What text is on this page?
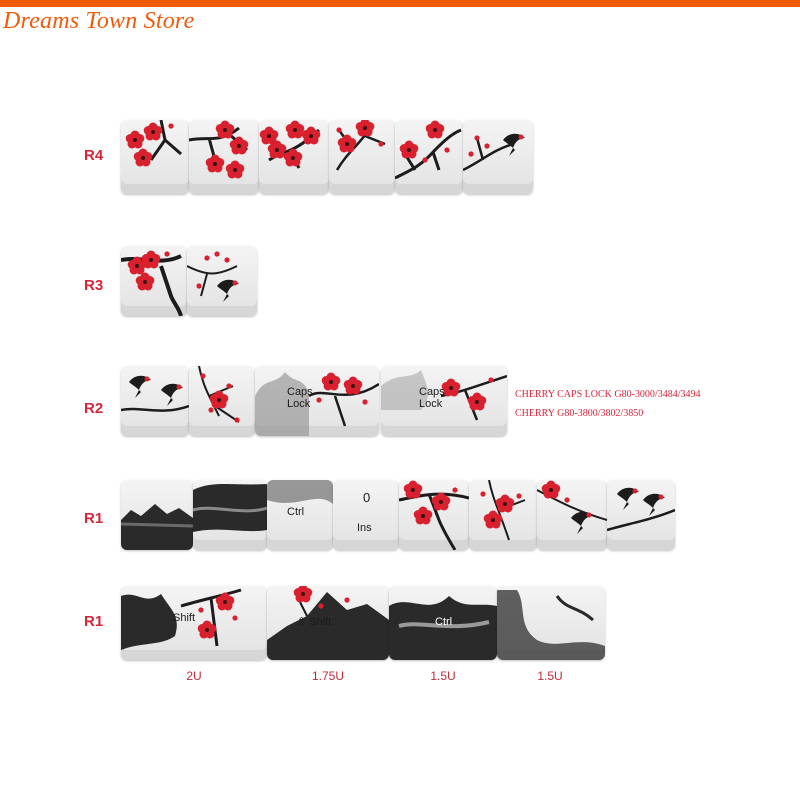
Dreams Town Store
R4
R3
R2
R1
R1
Caps Lock
Caps Lock
CHERRY CAPS LOCK G80-3000/3484/3494
CHERRY G80-3800/3802/3850
Ctrl
0
Ins
Shift	⇧ Shift	Ctrl
2U	1.75U	1.5U	1.5U
